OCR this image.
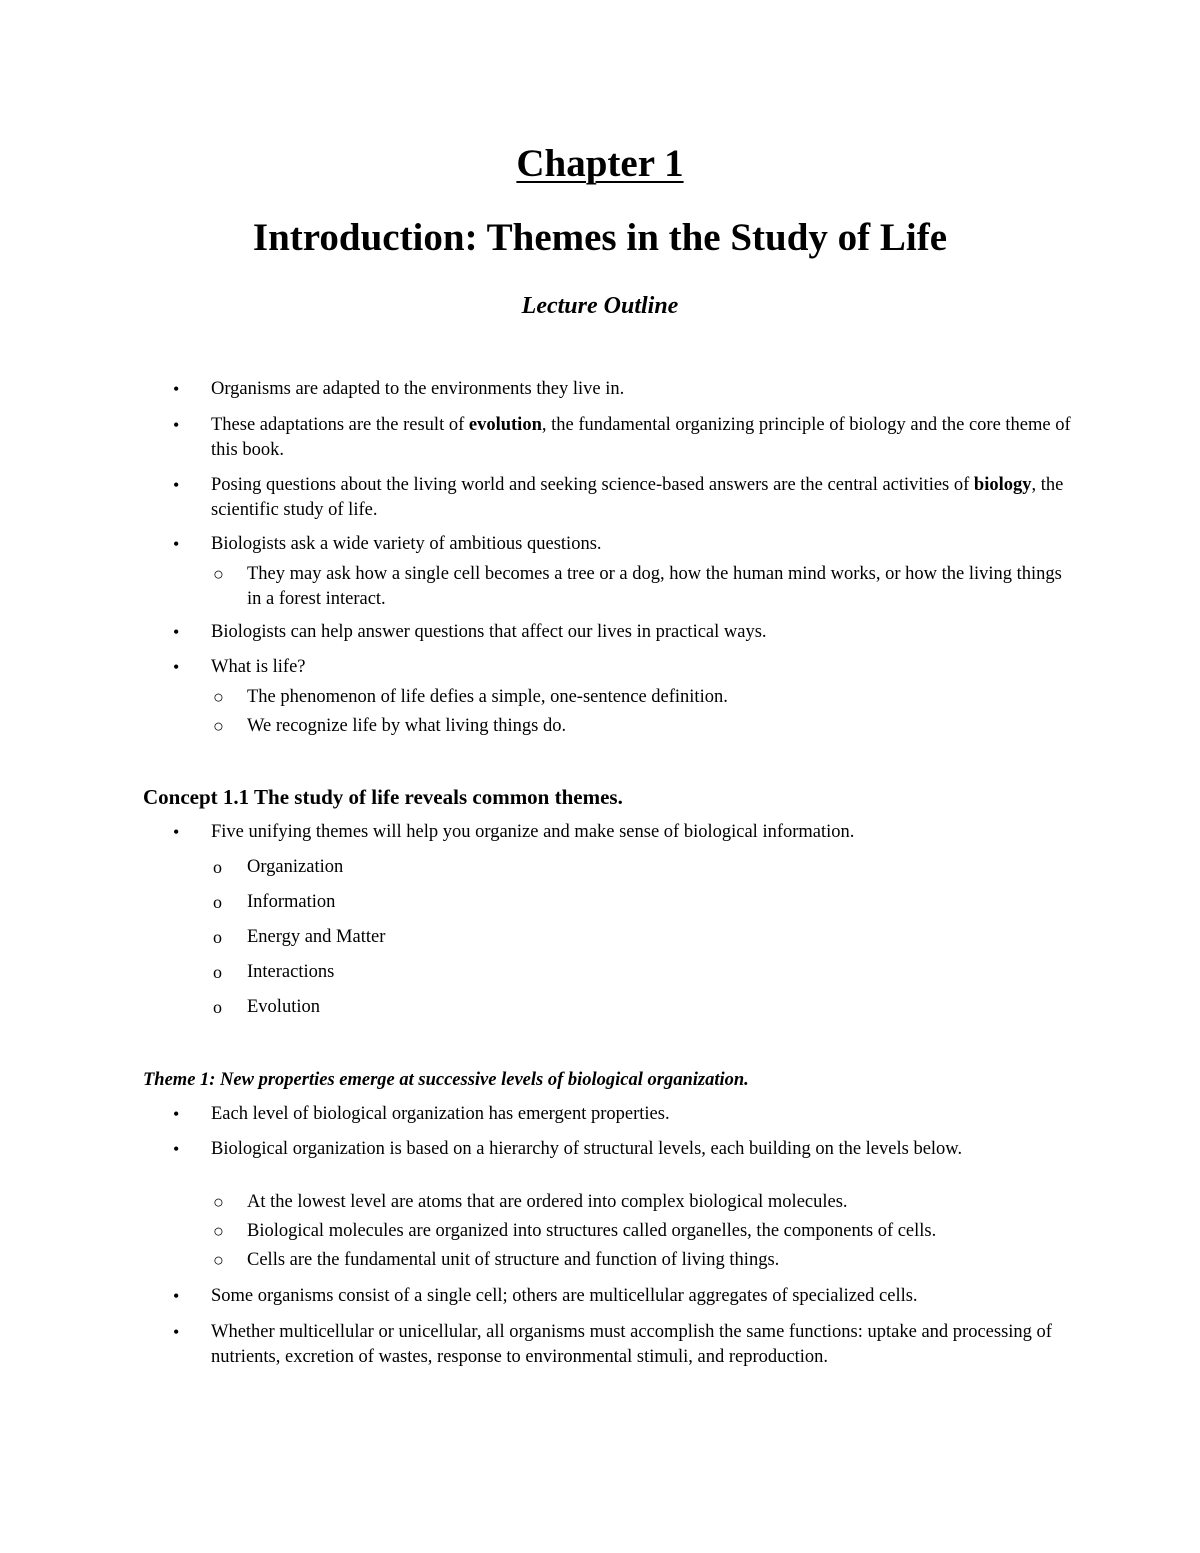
Chapter 1
Introduction: Themes in the Study of Life
Lecture Outline
• Organisms are adapted to the environments they live in.
• These adaptations are the result of evolution, the fundamental organizing principle of biology and the core theme of this book.
• Posing questions about the living world and seeking science-based answers are the central activities of biology, the scientific study of life.
• Biologists ask a wide variety of ambitious questions.
○ They may ask how a single cell becomes a tree or a dog, how the human mind works, or how the living things in a forest interact.
• Biologists can help answer questions that affect our lives in practical ways.
• What is life?
○ The phenomenon of life defies a simple, one-sentence definition.
○ We recognize life by what living things do.
Concept 1.1 The study of life reveals common themes.
• Five unifying themes will help you organize and make sense of biological information.
o Organization
o Information
o Energy and Matter
o Interactions
o Evolution
Theme 1: New properties emerge at successive levels of biological organization.
• Each level of biological organization has emergent properties.
• Biological organization is based on a hierarchy of structural levels, each building on the levels below.
○ At the lowest level are atoms that are ordered into complex biological molecules.
○ Biological molecules are organized into structures called organelles, the components of cells.
○ Cells are the fundamental unit of structure and function of living things.
• Some organisms consist of a single cell; others are multicellular aggregates of specialized cells.
• Whether multicellular or unicellular, all organisms must accomplish the same functions: uptake and processing of nutrients, excretion of wastes, response to environmental stimuli, and reproduction.
